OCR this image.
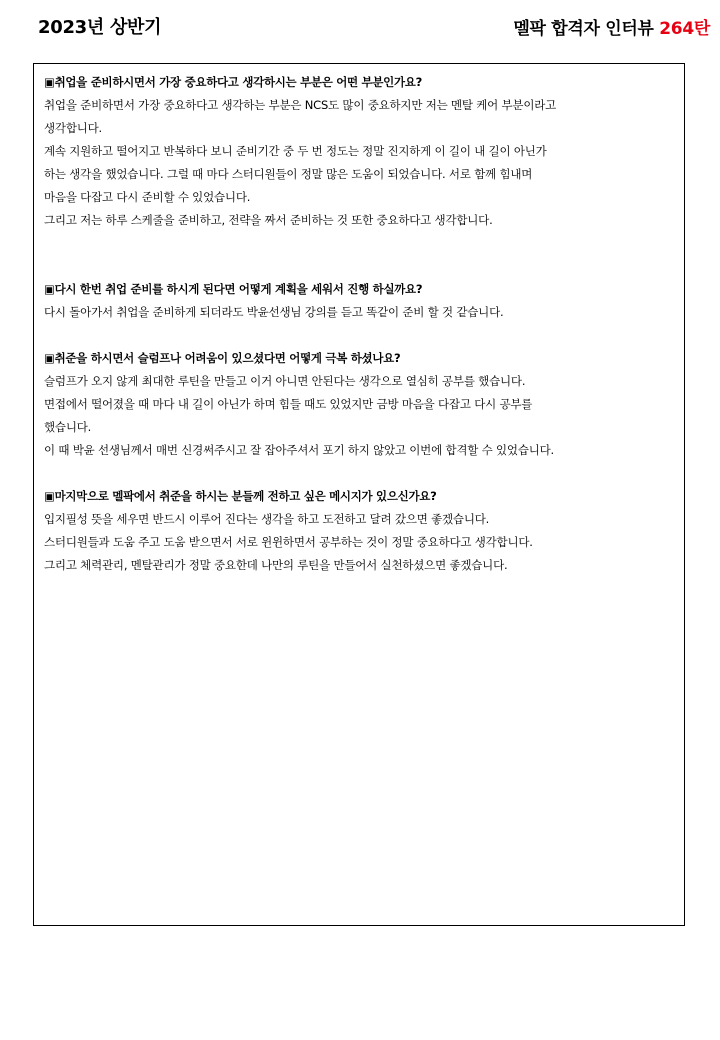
2023년 상반기	멜팍 합격자 인터뷰 264탄
▣취업을 준비하시면서 가장 중요하다고 생각하시는 부분은 어떤 부분인가요?
취업을 준비하면서 가장 중요하다고 생각하는 부분은 NCS도 많이 중요하지만 저는 멘탈 케어 부분이라고
생각합니다.
계속 지원하고 떨어지고 반복하다 보니 준비기간 중 두 번 정도는 정말 진지하게 이 길이 내 길이 아닌가
하는 생각을 했었습니다. 그럴 때 마다 스터디원들이 정말 많은 도움이 되었습니다. 서로 함께 힘내며
마음을 다잡고 다시 준비할 수 있었습니다.
그리고 저는 하루 스케줄을 준비하고, 전략을 짜서 준비하는 것 또한 중요하다고 생각합니다.
▣다시 한번 취업 준비를 하시게 된다면 어떻게 계획을 세워서 진행 하실까요?
다시 돌아가서 취업을 준비하게 되더라도 박윤선생님 강의를 듣고 똑같이 준비 할 것 같습니다.
▣취준을 하시면서 슬럼프나 어려움이 있으셨다면 어떻게 극복 하셨나요?
슬럼프가 오지 않게 최대한 루틴을 만들고 이거 아니면 안된다는 생각으로 열심히 공부를 했습니다.
면접에서 떨어졌을 때 마다 내 길이 아닌가 하며 힘들 때도 있었지만 금방 마음을 다잡고 다시 공부를
했습니다.
이 때 박윤 선생님께서 매번 신경써주시고 잘 잡아주셔서 포기 하지 않았고 이번에 합격할 수 있었습니다.
▣마지막으로 멜팍에서 취준을 하시는 분들께 전하고 싶은 메시지가 있으신가요?
입지필성 뜻을 세우면 반드시 이루어 진다는 생각을 하고 도전하고 달려 갔으면 좋겠습니다.
스터디원들과 도움 주고 도움 받으면서 서로 윈윈하면서 공부하는 것이 정말 중요하다고 생각합니다.
그리고 체력관리, 멘탈관리가 정말 중요한데 나만의 루틴을 만들어서 실천하셨으면 좋겠습니다.
